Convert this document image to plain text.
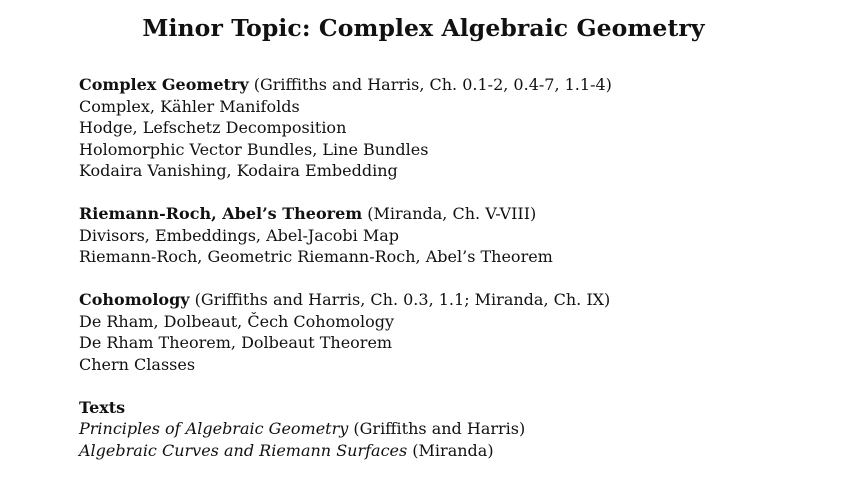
Minor Topic: Complex Algebraic Geometry
Complex Geometry (Griffiths and Harris, Ch. 0.1-2, 0.4-7, 1.1-4)
Complex, Kähler Manifolds
Hodge, Lefschetz Decomposition
Holomorphic Vector Bundles, Line Bundles
Kodaira Vanishing, Kodaira Embedding
Riemann-Roch, Abel’s Theorem (Miranda, Ch. V-VIII)
Divisors, Embeddings, Abel-Jacobi Map
Riemann-Roch, Geometric Riemann-Roch, Abel’s Theorem
Cohomology (Griffiths and Harris, Ch. 0.3, 1.1; Miranda, Ch. IX)
De Rham, Dolbeaut, Čech Cohomology
De Rham Theorem, Dolbeaut Theorem
Chern Classes
Texts
Principles of Algebraic Geometry (Griffiths and Harris)
Algebraic Curves and Riemann Surfaces (Miranda)
